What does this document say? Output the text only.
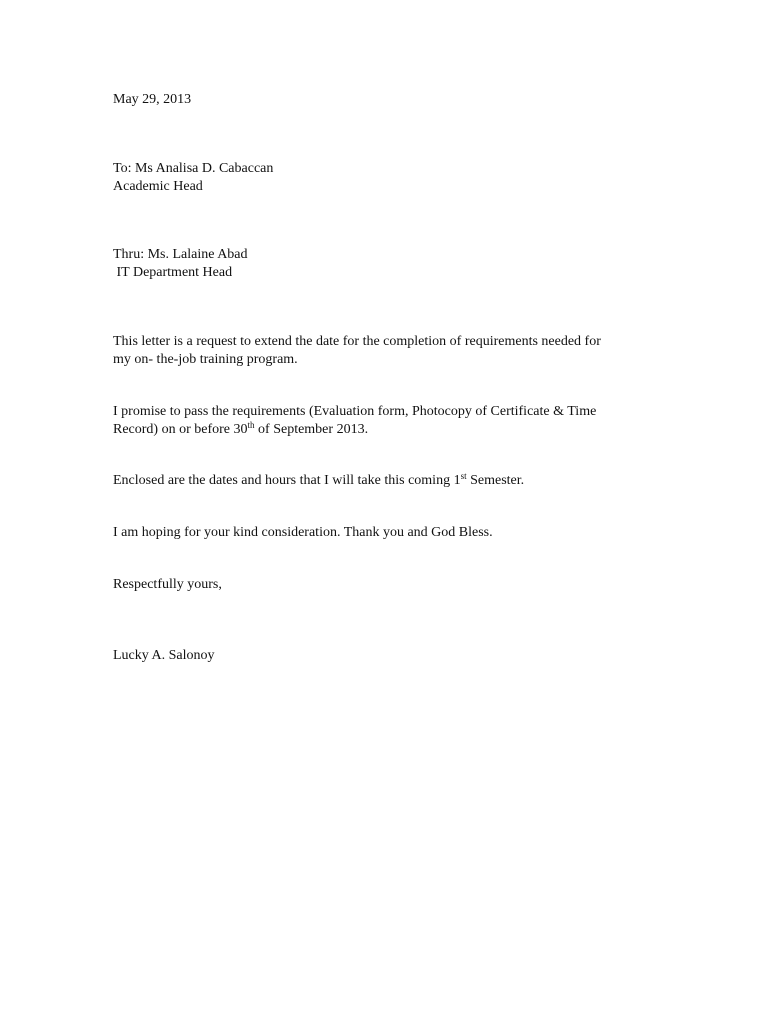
May 29, 2013
To: Ms Analisa D. Cabaccan
Academic Head
Thru: Ms. Lalaine Abad
IT Department Head
This letter is a request to extend the date for the completion of requirements needed for
my on- the-job training program.
I promise to pass the requirements (Evaluation form, Photocopy of Certificate & Time
Record) on or before 30th of September 2013.
Enclosed are the dates and hours that I will take this coming 1st Semester.
I am hoping for your kind consideration. Thank you and God Bless.
Respectfully yours,
Lucky A. Salonoy
